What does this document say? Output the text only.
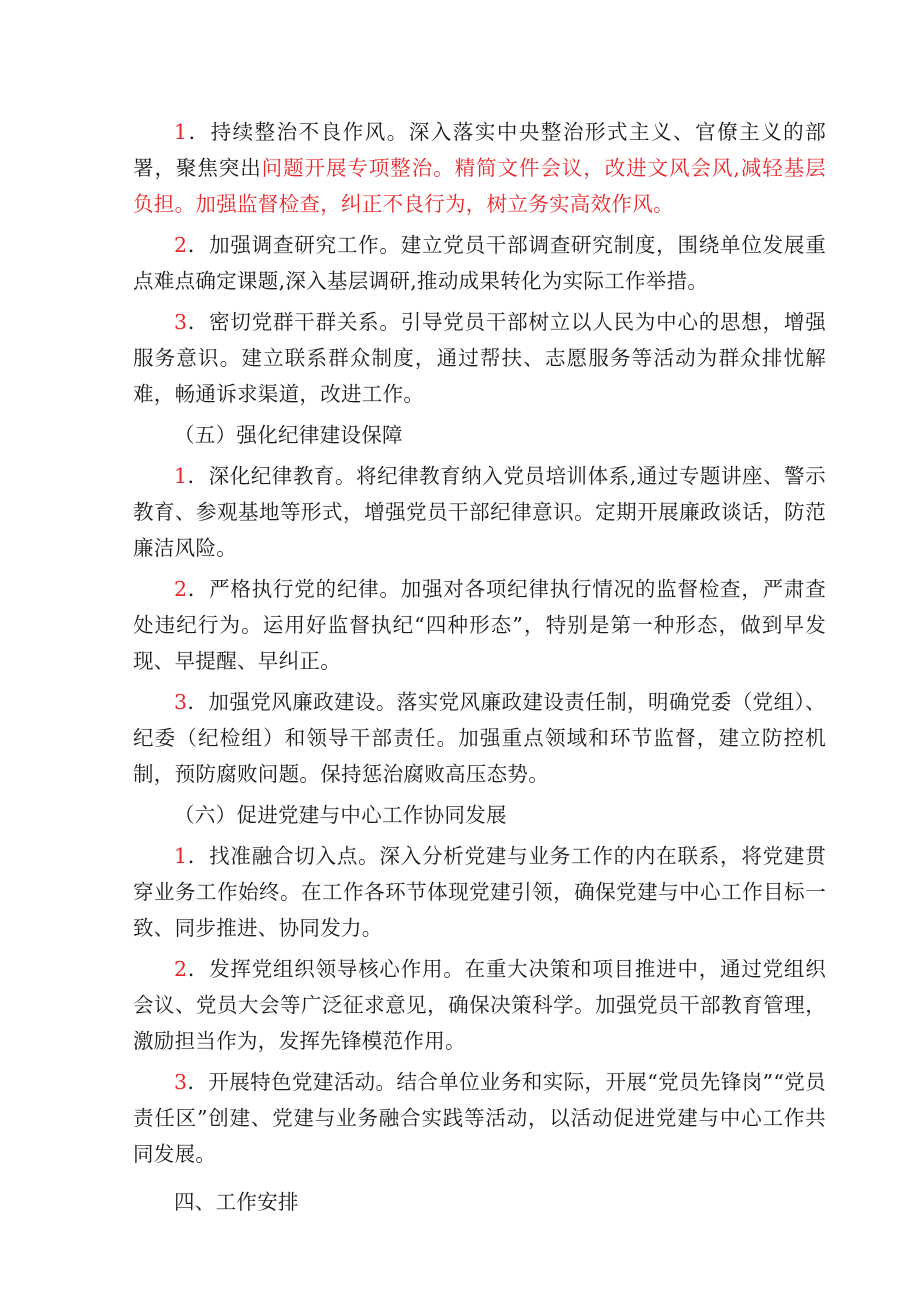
1．持续整治不良作风。深入落实中央整治形式主义、官僚主义的部署，聚焦突出问题开展专项整治。精简文件会议，改进文风会风,减轻基层负担。加强监督检查，纠正不良行为，树立务实高效作风。

2．加强调查研究工作。建立党员干部调查研究制度，围绕单位发展重点难点确定课题,深入基层调研,推动成果转化为实际工作举措。

3．密切党群干群关系。引导党员干部树立以人民为中心的思想，增强服务意识。建立联系群众制度，通过帮扶、志愿服务等活动为群众排忧解难，畅通诉求渠道，改进工作。

（五）强化纪律建设保障

1．深化纪律教育。将纪律教育纳入党员培训体系,通过专题讲座、警示教育、参观基地等形式，增强党员干部纪律意识。定期开展廉政谈话，防范廉洁风险。

2．严格执行党的纪律。加强对各项纪律执行情况的监督检查，严肃查处违纪行为。运用好监督执纪“四种形态”，特别是第一种形态，做到早发现、早提醒、早纠正。

3．加强党风廉政建设。落实党风廉政建设责任制，明确党委（党组）、纪委（纪检组）和领导干部责任。加强重点领域和环节监督，建立防控机制，预防腐败问题。保持惩治腐败高压态势。

（六）促进党建与中心工作协同发展

1．找准融合切入点。深入分析党建与业务工作的内在联系，将党建贯穿业务工作始终。在工作各环节体现党建引领，确保党建与中心工作目标一致、同步推进、协同发力。

2．发挥党组织领导核心作用。在重大决策和项目推进中，通过党组织会议、党员大会等广泛征求意见，确保决策科学。加强党员干部教育管理，激励担当作为，发挥先锋模范作用。

3．开展特色党建活动。结合单位业务和实际，开展“党员先锋岗”“党员责任区”创建、党建与业务融合实践等活动，以活动促进党建与中心工作共同发展。

四、工作安排
